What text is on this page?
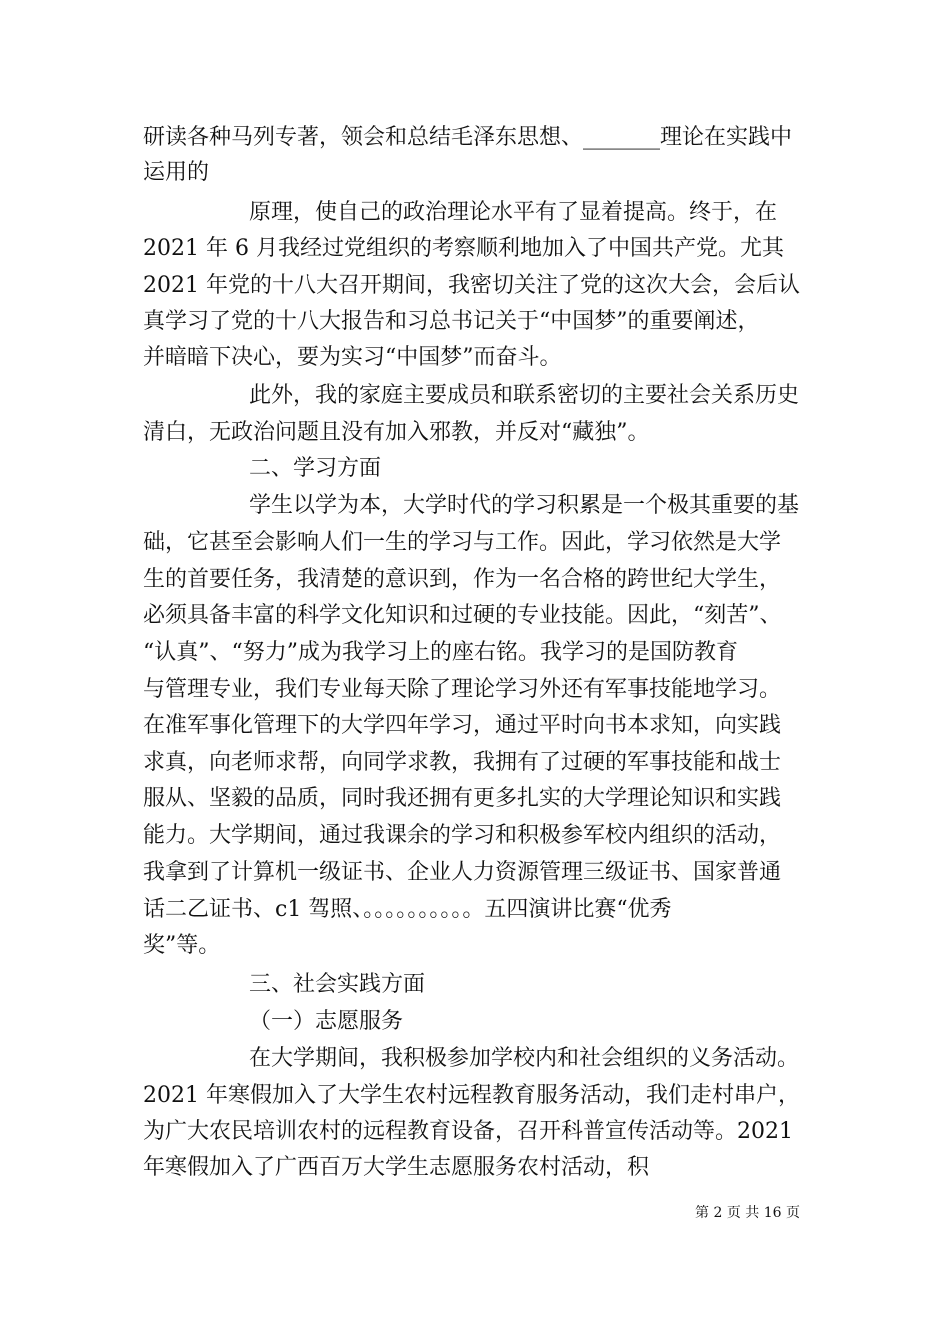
研读各种马列专著，领会和总结毛泽东思想、_______理论在实践中
运用的
原理，使自己的政治理论水平有了显着提高。终于，在
2021 年 6 月我经过党组织的考察顺利地加入了中国共产党。尤其
2021 年党的十八大召开期间，我密切关注了党的这次大会，会后认
真学习了党的十八大报告和习总书记关于“中国梦”的重要阐述，
并暗暗下决心，要为实习“中国梦”而奋斗。
此外，我的家庭主要成员和联系密切的主要社会关系历史
清白，无政治问题且没有加入邪教，并反对“藏独”。
二、学习方面
学生以学为本，大学时代的学习积累是一个极其重要的基
础，它甚至会影响人们一生的学习与工作。因此，学习依然是大学
生的首要任务，我清楚的意识到，作为一名合格的跨世纪大学生，
必须具备丰富的科学文化知识和过硬的专业技能。因此，“刻苦”、
“认真”、“努力”成为我学习上的座右铭。我学习的是国防教育
与管理专业，我们专业每天除了理论学习外还有军事技能地学习。
在准军事化管理下的大学四年学习，通过平时向书本求知，向实践
求真，向老师求帮，向同学求教，我拥有了过硬的军事技能和战士
服从、坚毅的品质，同时我还拥有更多扎实的大学理论知识和实践
能力。大学期间，通过我课余的学习和积极参军校内组织的活动，
我拿到了计算机一级证书、企业人力资源管理三级证书、国家普通
话二乙证书、c1 驾照、。。。。。。。。。。五四演讲比赛“优秀
奖”等。
三、社会实践方面
（一）志愿服务
在大学期间，我积极参加学校内和社会组织的义务活动。
2021 年寒假加入了大学生农村远程教育服务活动，我们走村串户，
为广大农民培训农村的远程教育设备，召开科普宣传活动等。2021
年寒假加入了广西百万大学生志愿服务农村活动，积
第 2 页 共 16 页
